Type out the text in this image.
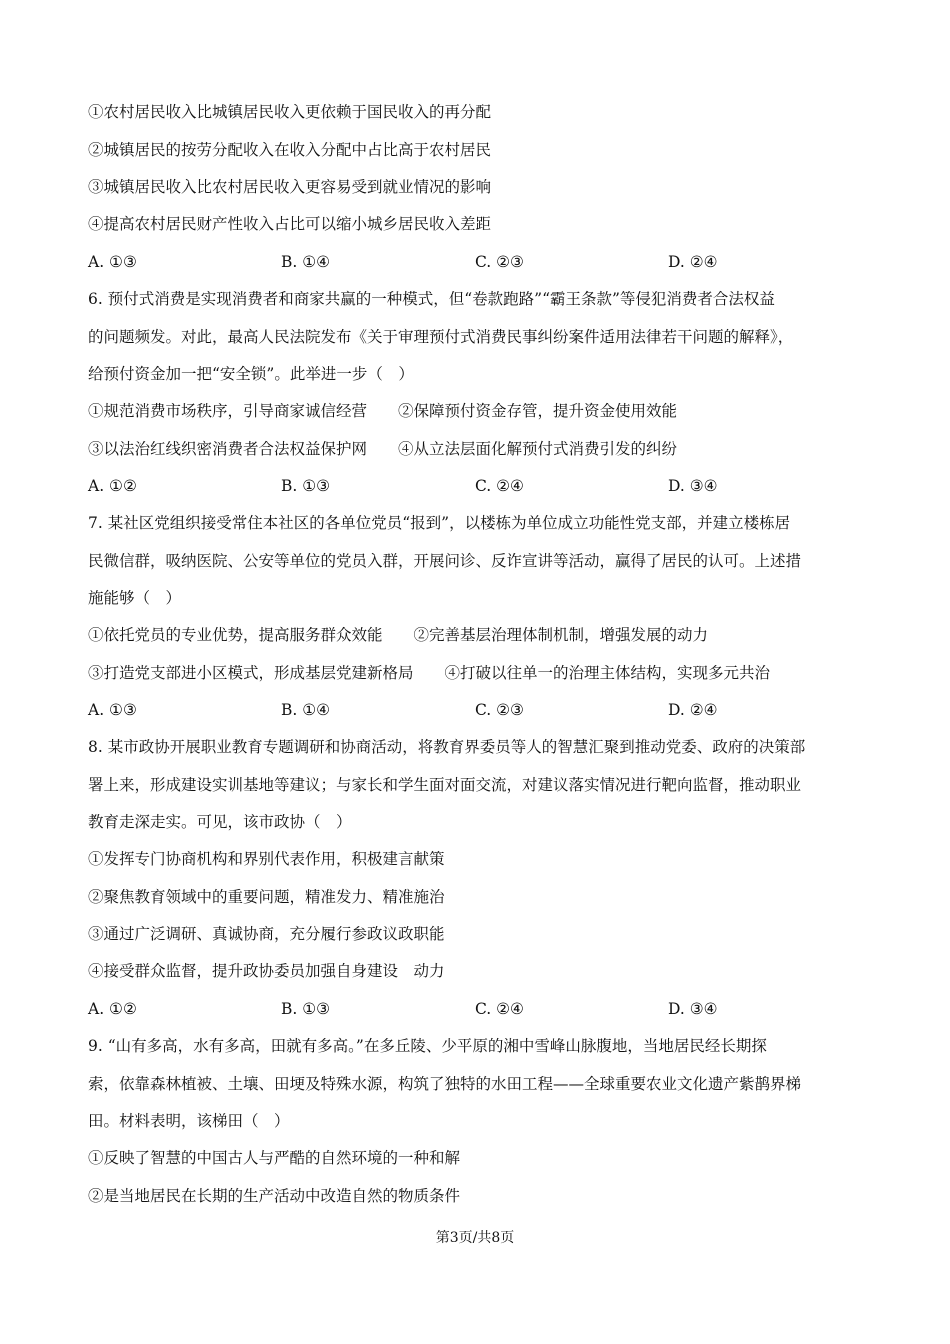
①农村居民收入比城镇居民收入更依赖于国民收入的再分配
②城镇居民的按劳分配收入在收入分配中占比高于农村居民
③城镇居民收入比农村居民收入更容易受到就业情况的影响
④提高农村居民财产性收入占比可以缩小城乡居民收入差距
A. ①③	B. ①④	C. ②③	D. ②④
6. 预付式消费是实现消费者和商家共赢的一种模式，但“卷款跑路”“霸王条款”等侵犯消费者合法权益
的问题频发。对此，最高人民法院发布《关于审理预付式消费民事纠纷案件适用法律若干问题的解释》，
给预付资金加一把“安全锁”。此举进一步（　）
①规范消费市场秩序，引导商家诚信经营　　②保障预付资金存管，提升资金使用效能
③以法治红线织密消费者合法权益保护网　　④从立法层面化解预付式消费引发的纠纷
A. ①②	B. ①③	C. ②④	D. ③④
7. 某社区党组织接受常住本社区的各单位党员“报到”，以楼栋为单位成立功能性党支部，并建立楼栋居
民微信群，吸纳医院、公安等单位的党员入群，开展问诊、反诈宣讲等活动，赢得了居民的认可。上述措
施能够（　）
①依托党员的专业优势，提高服务群众效能　　②完善基层治理体制机制，增强发展的动力
③打造党支部进小区模式，形成基层党建新格局　　④打破以往单一的治理主体结构，实现多元共治
A. ①③	B. ①④	C. ②③	D. ②④
8. 某市政协开展职业教育专题调研和协商活动，将教育界委员等人的智慧汇聚到推动党委、政府的决策部
署上来，形成建设实训基地等建议；与家长和学生面对面交流，对建议落实情况进行靶向监督，推动职业
教育走深走实。可见，该市政协（　）
①发挥专门协商机构和界别代表作用，积极建言献策
②聚焦教育领域中的重要问题，精准发力、精准施治
③通过广泛调研、真诚协商，充分履行参政议政职能
④接受群众监督，提升政协委员加强自身建设　动力
A. ①②	B. ①③	C. ②④	D. ③④
9. “山有多高，水有多高，田就有多高。”在多丘陵、少平原的湘中雪峰山脉腹地，当地居民经长期探
索，依靠森林植被、土壤、田埂及特殊水源，构筑了独特的水田工程——全球重要农业文化遗产紫鹊界梯
田。材料表明，该梯田（　）
①反映了智慧的中国古人与严酷的自然环境的一种和解
②是当地居民在长期的生产活动中改造自然的物质条件
第3页/共8页
